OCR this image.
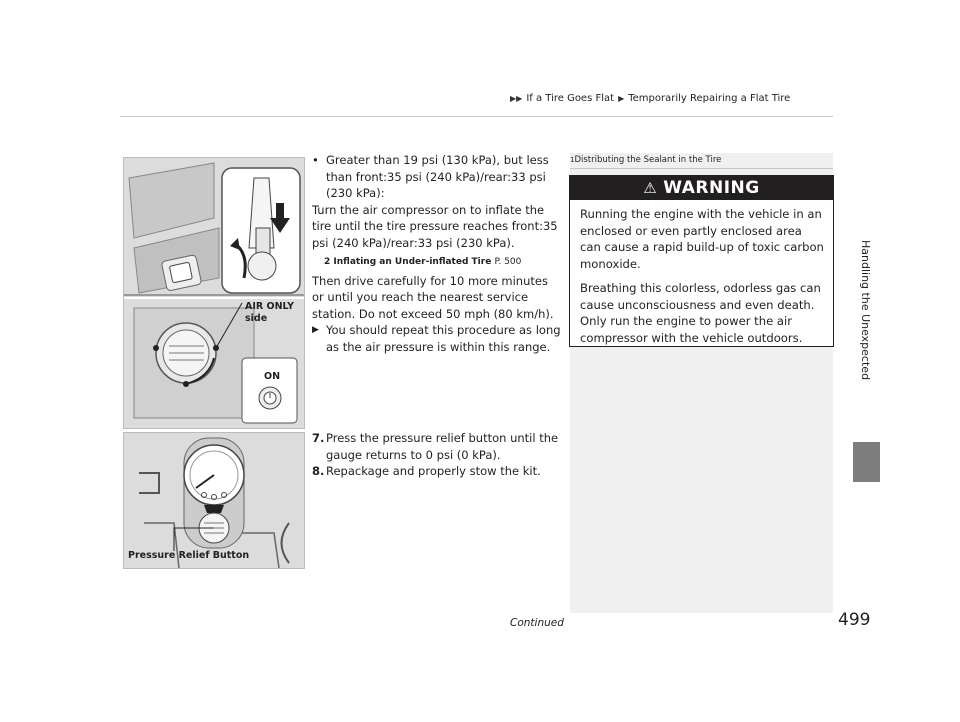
▶▶ If a Tire Goes Flat ▶ Temporarily Repairing a Flat Tire
Handling the Unexpected
AIR ONLY
side
ON
Pressure Relief Button

• Greater than 19 psi (130 kPa), but less than front:35 psi (240 kPa)/rear:33 psi (230 kPa):

Turn the air compressor on to inflate the tire until the tire pressure reaches front:35 psi (240 kPa)/rear:33 psi (230 kPa).

2 Inflating an Under-inflated Tire P. 500

Then drive carefully for 10 more minutes or until you reach the nearest service station. Do not exceed 50 mph (80 km/h).

▶ You should repeat this procedure as long as the air pressure is within this range.

7. Press the pressure relief button until the gauge returns to 0 psi (0 kPa).

8. Repackage and properly stow the kit.

1Distributing the Sealant in the Tire
⚠ WARNING

Running the engine with the vehicle in an enclosed or even partly enclosed area can cause a rapid build-up of toxic carbon monoxide.

Breathing this colorless, odorless gas can cause unconsciousness and even death. Only run the engine to power the air compressor with the vehicle outdoors.

Continued	499
